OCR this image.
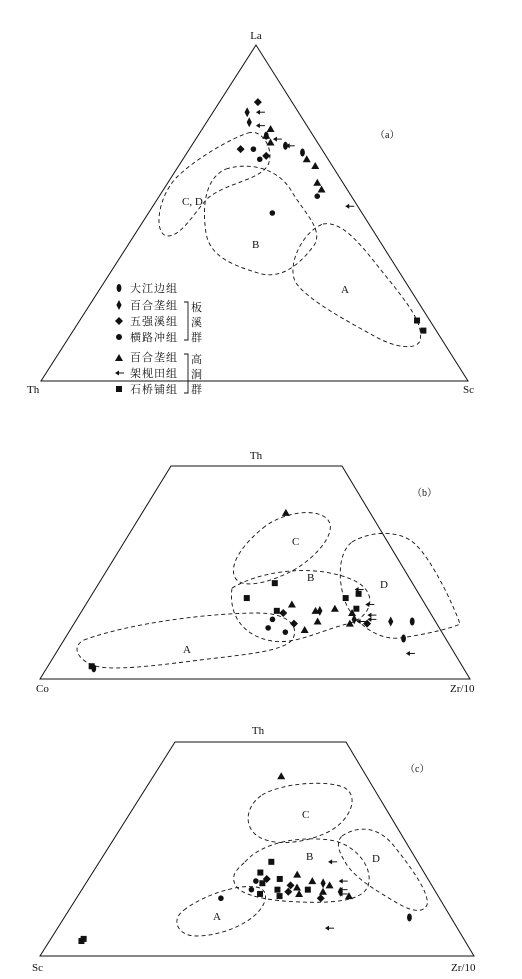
La
Th	Sc
（a）
C, D
B
A
大江边组
百合垄组
五强溪组
横路冲组
板
溪
群
百合垄组
架枧田组
石桥铺组
高
涧
群
Th
Co	Zr/10
（b）
C
B
D
A
Th
Sc	Zr/10
（c）
C
B	D
A
